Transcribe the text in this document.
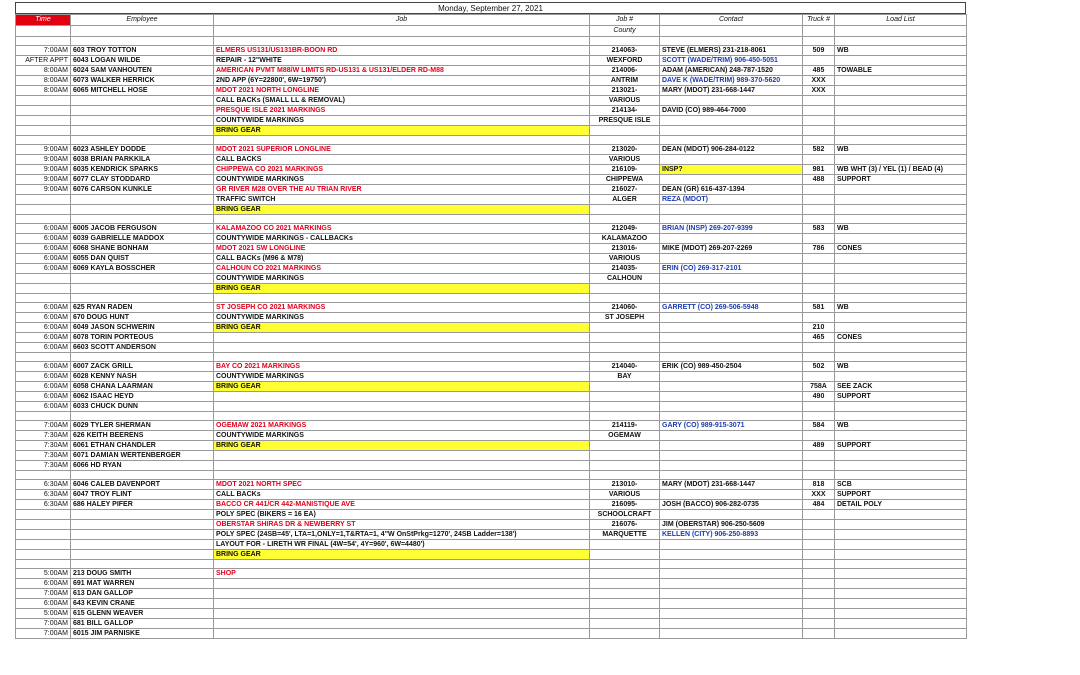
Monday, September 27, 2021
Time	Employee	Job	Job #	Contact	Truck #	Load List
			County			

7:00AM	603 TROY TOTTON	ELMERS US131/US131BR-BOON RD	214063-	STEVE (ELMERS) 231-218-8061	509	WB
AFTER APPT	6043 LOGAN WILDE	REPAIR - 12"WHITE	WEXFORD	SCOTT (WADE/TRIM) 906-450-5051		
8:00AM	6024 SAM VANHOUTEN	AMERICAN PVMT M88/W LIMITS RD-US131 & US131/ELDER RD-M88	214006-	ADAM (AMERICAN) 248-787-1520	485	TOWABLE
8:00AM	6073 WALKER HERRICK	2ND APP (6Y=22800', 6W=19750')	ANTRIM	DAVE K (WADE/TRIM) 989-370-5620	XXX	
8:00AM	6065 MITCHELL HOSE	MDOT 2021 NORTH LONGLINE	213021-	MARY (MDOT) 231-668-1447	XXX	
		CALL BACKs (SMALL LL & REMOVAL)	VARIOUS			
		PRESQUE ISLE 2021 MARKINGS	214134-	DAVID (CO) 989-464-7000		
		COUNTYWIDE MARKINGS	PRESQUE ISLE			
		BRING GEAR				

9:00AM	6023 ASHLEY DODDE	MDOT 2021 SUPERIOR LONGLINE	213020-	DEAN (MDOT) 906-284-0122	582	WB
9:00AM	6038 BRIAN PARKKILA	CALL BACKS	VARIOUS			
9:00AM	6035 KENDRICK SPARKS	CHIPPEWA CO 2021 MARKINGS	216109-	INSP?	981	WB WHT (3) / YEL (1) / BEAD (4)
9:00AM	6077 CLAY STODDARD	COUNTYWIDE MARKINGS	CHIPPEWA		488	SUPPORT
9:00AM	6076 CARSON KUNKLE	GR RIVER M28 OVER THE AU TRIAN RIVER	216027-	DEAN (GR) 616-437-1394		
		TRAFFIC SWITCH	ALGER	REZA (MDOT)		
		BRING GEAR				

6:00AM	6005 JACOB FERGUSON	KALAMAZOO CO 2021 MARKINGS	212049-	BRIAN (INSP) 269-207-9399	583	WB
6:00AM	6039 GABRIELLE MADDOX	COUNTYWIDE MARKINGS - CALLBACKs	KALAMAZOO			
6:00AM	6068 SHANE BONHAM	MDOT 2021 SW LONGLINE	213016-	MIKE (MDOT) 269-207-2269	786	CONES
6:00AM	6055 DAN QUIST	CALL BACKs (M96 & M78)	VARIOUS			
6:00AM	6069 KAYLA BOSSCHER	CALHOUN CO 2021 MARKINGS	214035-	ERIN (CO) 269-317-2101		
		COUNTYWIDE MARKINGS	CALHOUN			
		BRING GEAR				

6:00AM	625 RYAN RADEN	ST JOSEPH CO 2021 MARKINGS	214060-	GARRETT (CO) 269-506-5948	581	WB
6:00AM	670 DOUG HUNT	COUNTYWIDE MARKINGS	ST JOSEPH			
6:00AM	6049 JASON SCHWERIN	BRING GEAR			210	
6:00AM	6078 TORIN PORTEOUS				465	CONES
6:00AM	6603 SCOTT ANDERSON					

6:00AM	6007 ZACK GRILL	BAY CO 2021 MARKINGS	214040-	ERIK (CO) 989-450-2504	502	WB
6:00AM	6028 KENNY NASH	COUNTYWIDE MARKINGS	BAY			
6:00AM	6058 CHANA LAARMAN	BRING GEAR			758A	SEE ZACK
6:00AM	6062 ISAAC HEYD				490	SUPPORT
6:00AM	6033 CHUCK DUNN					

7:00AM	6029 TYLER SHERMAN	OGEMAW 2021 MARKINGS	214119-	GARY (CO) 989-915-3071	584	WB
7:30AM	626 KEITH BEERENS	COUNTYWIDE MARKINGS	OGEMAW			
7:30AM	6061 ETHAN CHANDLER	BRING GEAR			489	SUPPORT
7:30AM	6071 DAMIAN WERTENBERGER					
7:30AM	6066 HD RYAN					

6:30AM	6046 CALEB DAVENPORT	MDOT 2021 NORTH SPEC	213010-	MARY (MDOT) 231-668-1447	818	SCB
6:30AM	6047 TROY FLINT	CALL BACKs	VARIOUS		XXX	SUPPORT
6:30AM	686 HALEY PIFER	BACCO CR 441/CR 442-MANISTIQUE AVE	216095-	JOSH (BACCO) 906-282-0735	484	DETAIL POLY
		POLY SPEC (BIKERS = 16 EA)	SCHOOLCRAFT			
		OBERSTAR SHIRAS DR & NEWBERRY ST	216076-	JIM (OBERSTAR) 906-250-5609		
		POLY SPEC (24SB=45', LTA=1,ONLY=1,T&RTA=1, 4"W OnStPrkg=1270', 24SB Ladder=138')	MARQUETTE	KELLEN (CITY) 906-250-8893		
		LAYOUT FOR - LIRETH WR FINAL (4W=54', 4Y=960', 6W=4480')				
		BRING GEAR				

5:00AM	213 DOUG SMITH	SHOP				
6:00AM	691 MAT WARREN					
7:00AM	613 DAN GALLOP					
6:00AM	643 KEVIN CRANE					
5:00AM	615 GLENN WEAVER					
7:00AM	681 BILL GALLOP					
7:00AM	6015 JIM PARNISKE					
